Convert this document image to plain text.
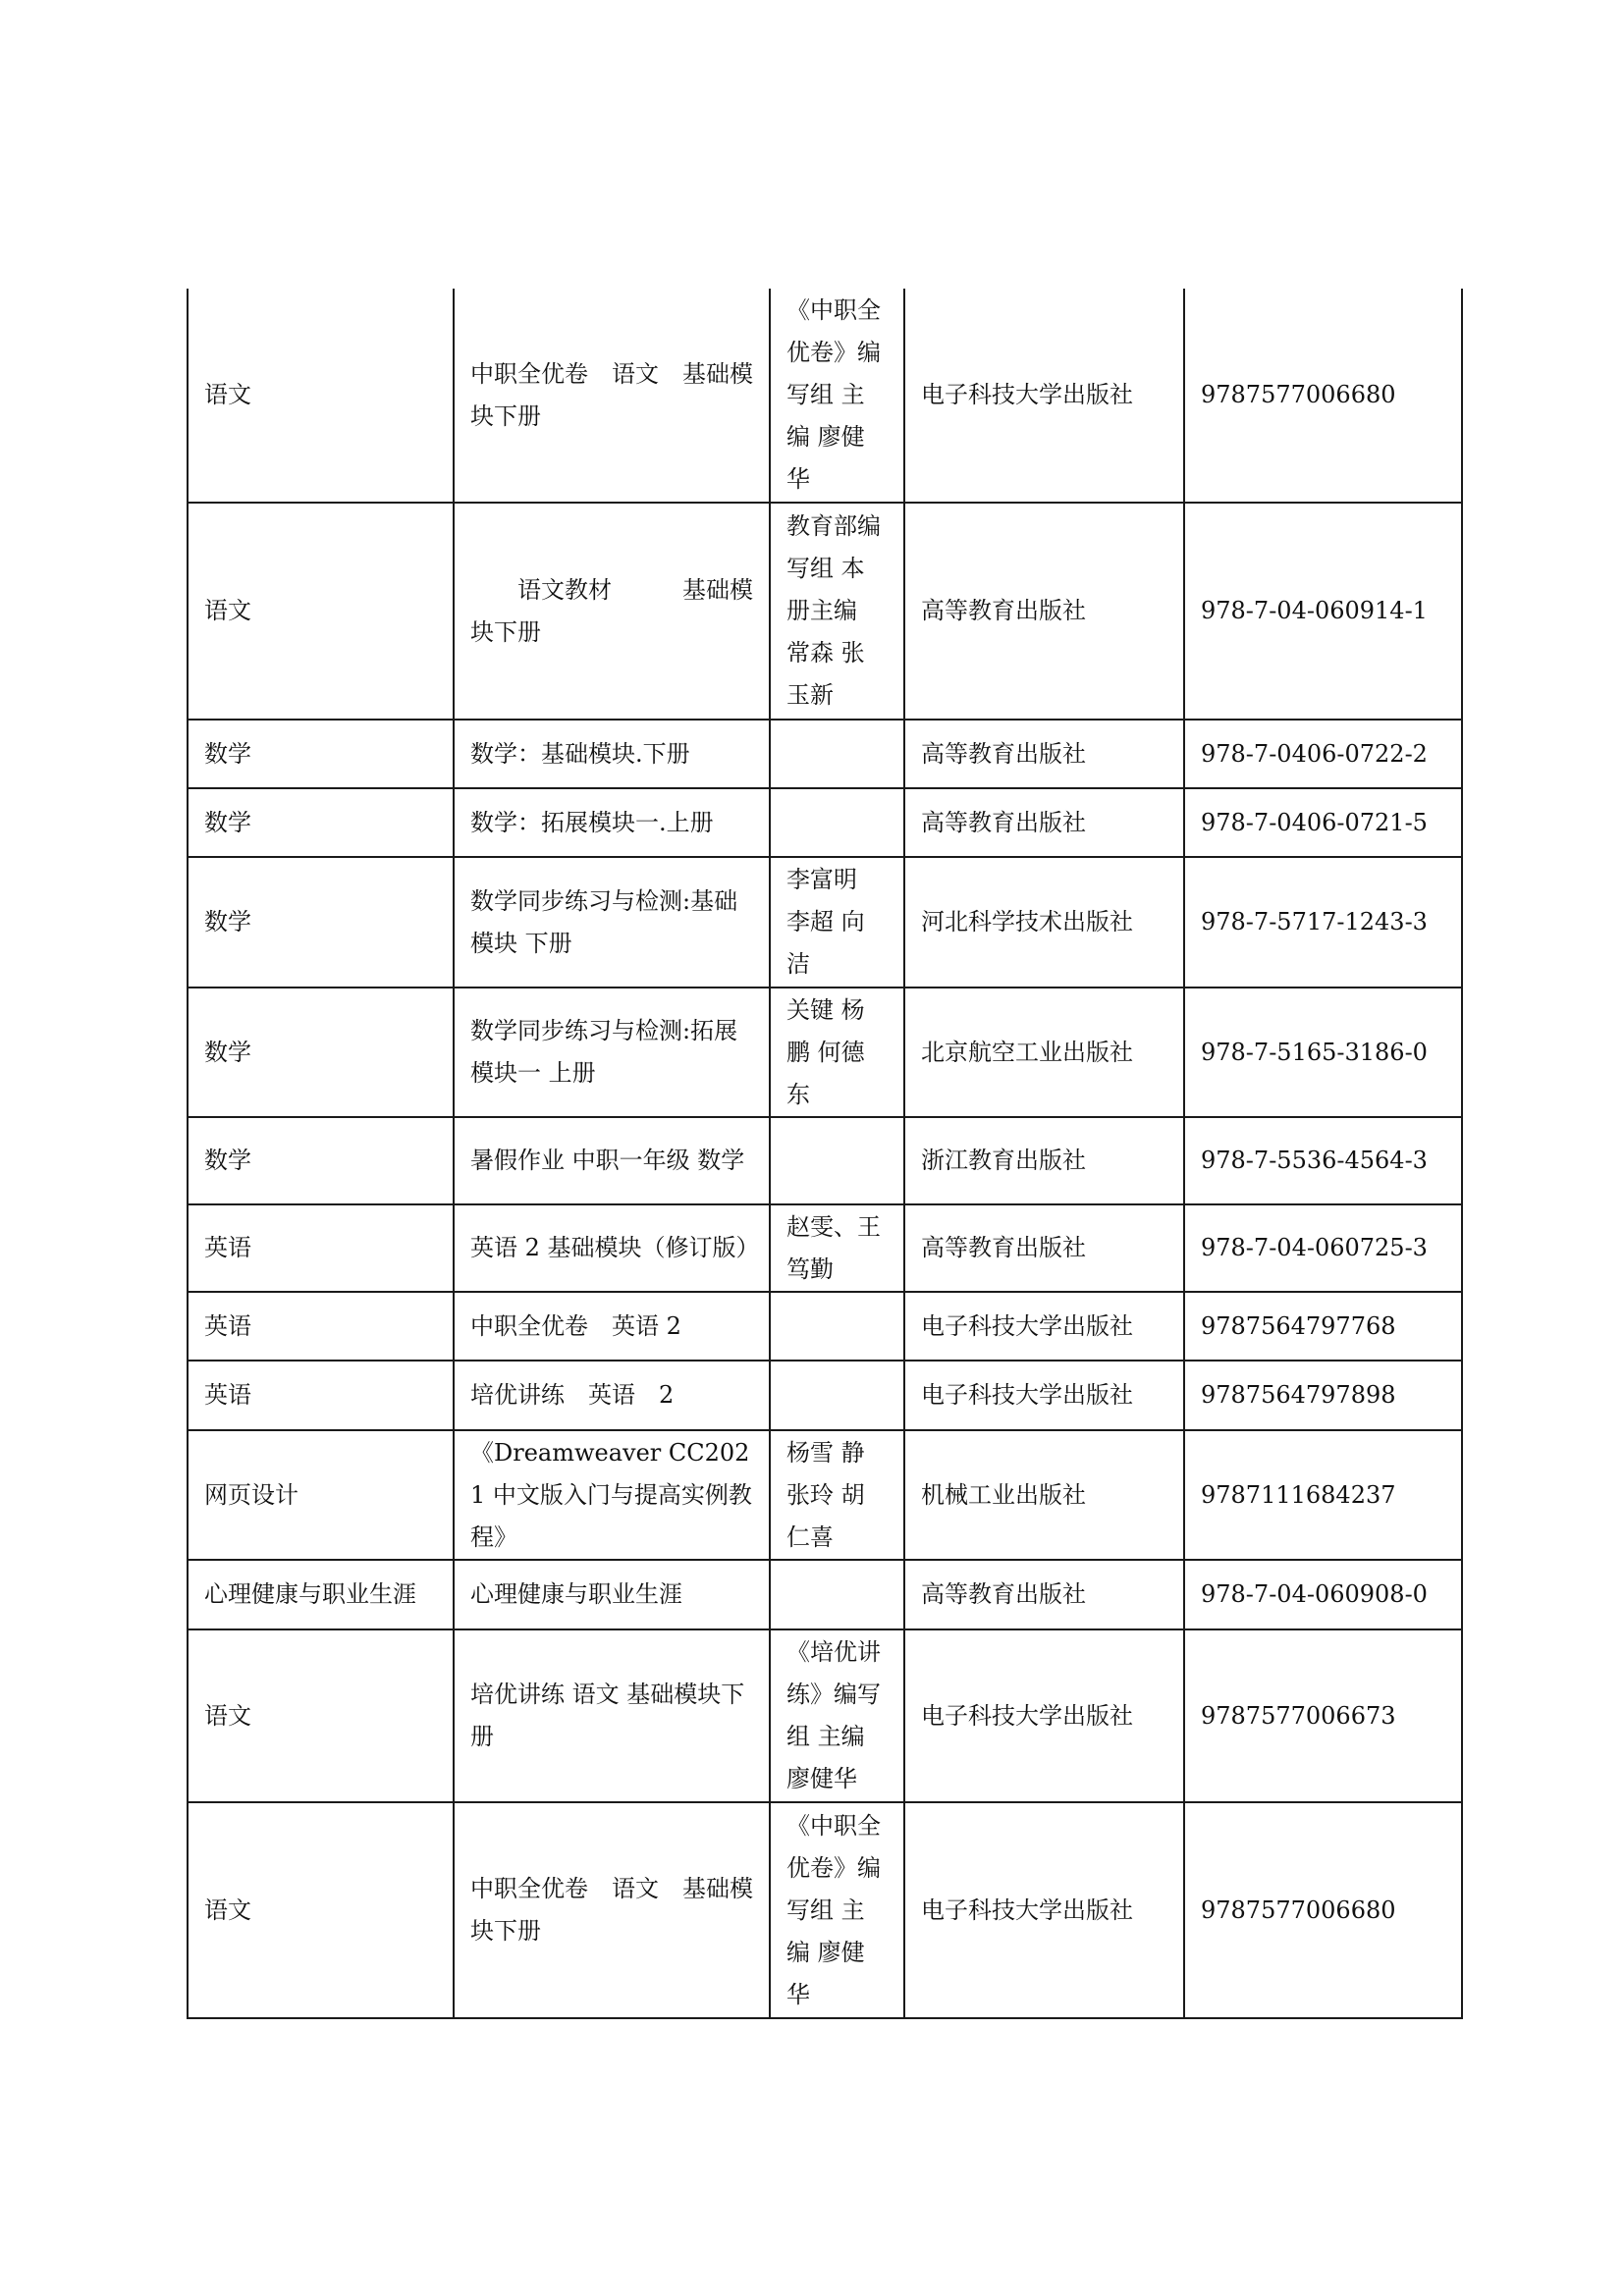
语文	中职全优卷　语文　基础模块下册	《中职全优卷》编写组 主编 廖健华	电子科技大学出版社	9787577006680
语文	　　语文教材　　　基础模块下册	教育部编写组 本册主编 常森 张玉新	高等教育出版社	978-7-04-060914-1
数学	数学：基础模块.下册		高等教育出版社	978-7-0406-0722-2
数学	数学：拓展模块一.上册		高等教育出版社	978-7-0406-0721-5
数学	数学同步练习与检测:基础模块 下册	李富明 李超 向洁	河北科学技术出版社	978-7-5717-1243-3
数学	数学同步练习与检测:拓展模块一 上册	关键 杨鹏 何德东	北京航空工业出版社	978-7-5165-3186-0
数学	暑假作业 中职一年级 数学		浙江教育出版社	978-7-5536-4564-3
英语	英语 2 基础模块（修订版）	赵雯、王笃勤	高等教育出版社	978-7-04-060725-3
英语	中职全优卷　英语 2		电子科技大学出版社	9787564797768
英语	培优讲练　英语　2		电子科技大学出版社	9787564797898
网页设计	《Dreamweaver CC2021 中文版入门与提高实例教程》	杨雪 静 张玲 胡仁喜	机械工业出版社	9787111684237
心理健康与职业生涯	心理健康与职业生涯		高等教育出版社	978-7-04-060908-0
语文	培优讲练 语文 基础模块下册	《培优讲练》编写组 主编 廖健华	电子科技大学出版社	9787577006673
语文	中职全优卷　语文　基础模块下册	《中职全优卷》编写组 主编 廖健华	电子科技大学出版社	9787577006680
